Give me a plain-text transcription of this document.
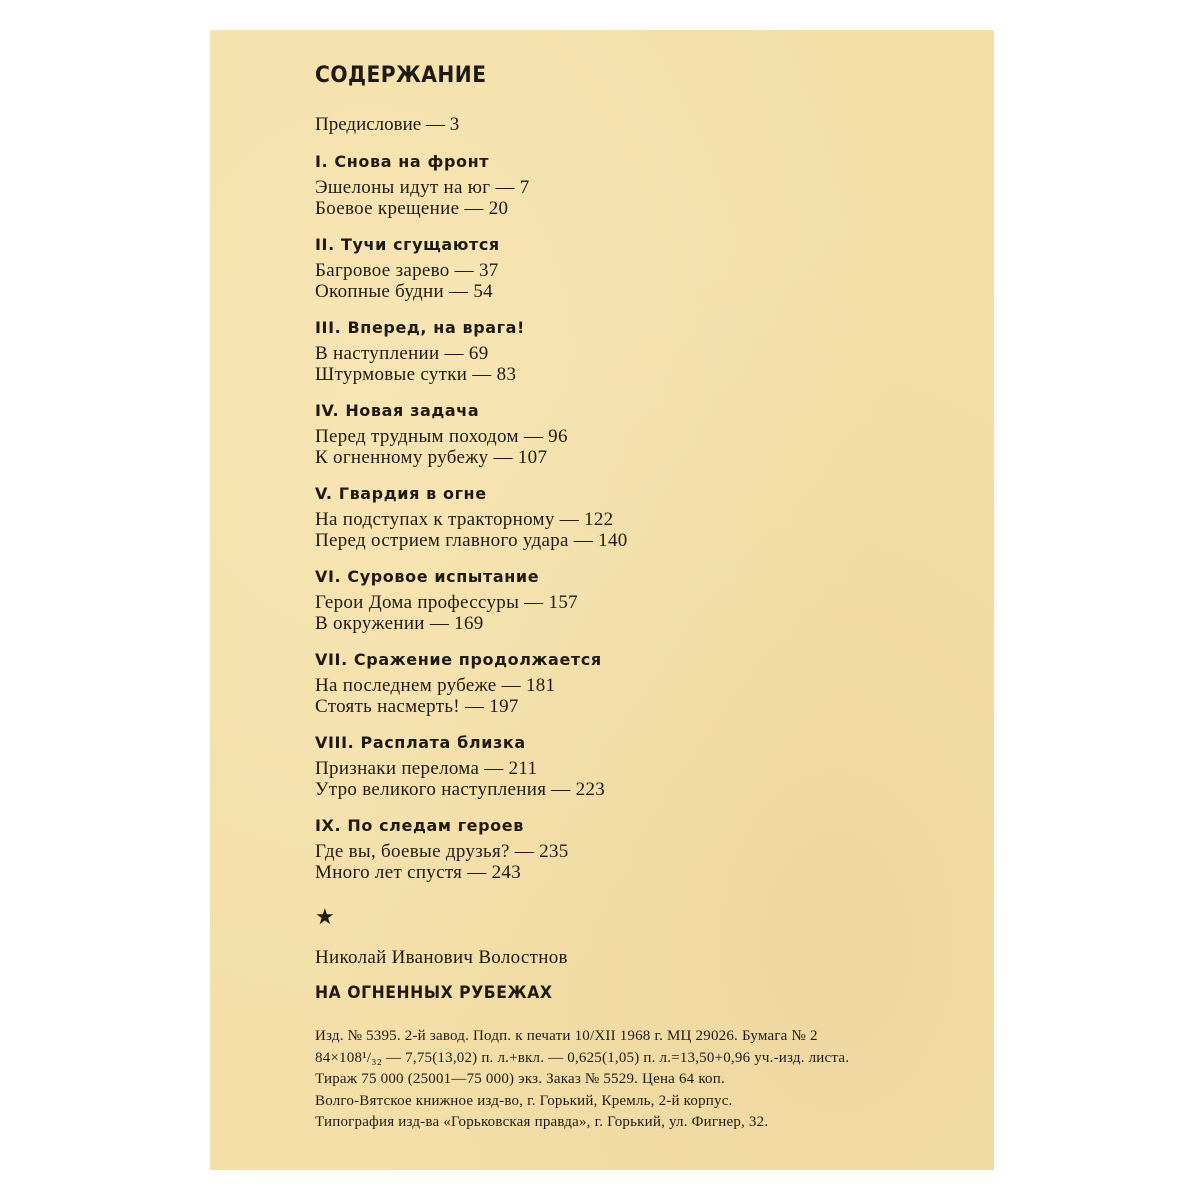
СОДЕРЖАНИЕ
Предисловие — 3
I. Снова на фронт
Эшелоны идут на юг — 7
Боевое крещение — 20
II. Тучи сгущаются
Багровое зарево — 37
Окопные будни — 54
III. Вперед, на врага!
В наступлении — 69
Штурмовые сутки — 83
IV. Новая задача
Перед трудным походом — 96
К огненному рубежу — 107
V. Гвардия в огне
На подступах к тракторному — 122
Перед острием главного удара — 140
VI. Суровое испытание
Герои Дома профессуры — 157
В окружении — 169
VII. Сражение продолжается
На последнем рубеже — 181
Стоять насмерть! — 197
VIII. Расплата близка
Признаки перелома — 211
Утро великого наступления — 223
IX. По следам героев
Где вы, боевые друзья? — 235
Много лет спустя — 243
★
Николай Иванович Волостнов
НА ОГНЕННЫХ РУБЕЖАХ
Изд. № 5395. 2-й завод. Подп. к печати 10/XII 1968 г. МЦ 29026. Бумага № 2
84×108¹/₃₂ — 7,75(13,02) п. л.+вкл. — 0,625(1,05) п. л.=13,50+0,96 уч.-изд. листа.
Тираж 75 000 (25001—75 000) экз. Заказ № 5529. Цена 64 коп.
Волго-Вятское книжное изд-во, г. Горький, Кремль, 2-й корпус.
Типография изд-ва «Горьковская правда», г. Горький, ул. Фигнер, 32.
